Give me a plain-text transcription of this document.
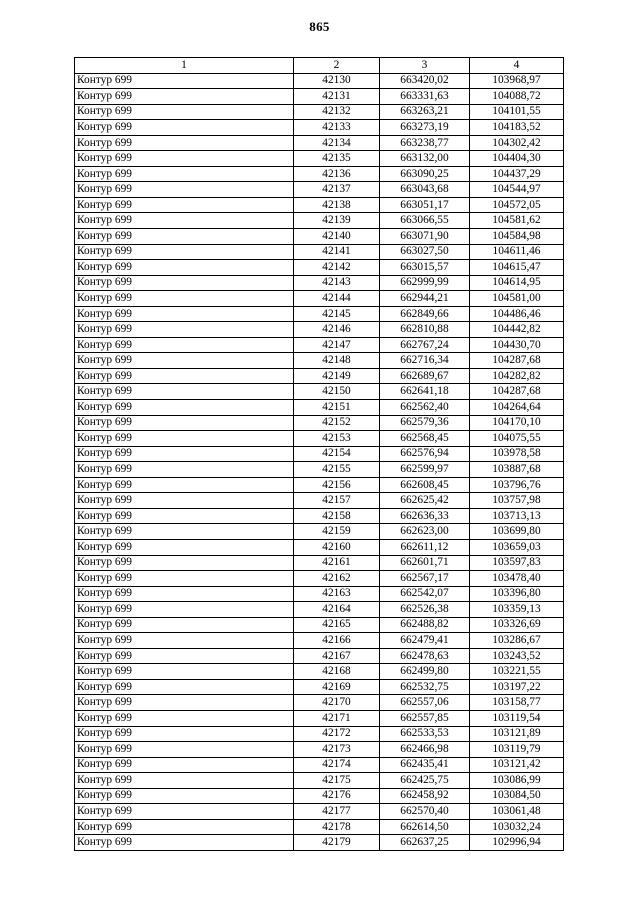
865
1	2	3	4
Контур 699	42130	663420,02	103968,97
Контур 699	42131	663331,63	104088,72
Контур 699	42132	663263,21	104101,55
Контур 699	42133	663273,19	104183,52
Контур 699	42134	663238,77	104302,42
Контур 699	42135	663132,00	104404,30
Контур 699	42136	663090,25	104437,29
Контур 699	42137	663043,68	104544,97
Контур 699	42138	663051,17	104572,05
Контур 699	42139	663066,55	104581,62
Контур 699	42140	663071,90	104584,98
Контур 699	42141	663027,50	104611,46
Контур 699	42142	663015,57	104615,47
Контур 699	42143	662999,99	104614,95
Контур 699	42144	662944,21	104581,00
Контур 699	42145	662849,66	104486,46
Контур 699	42146	662810,88	104442,82
Контур 699	42147	662767,24	104430,70
Контур 699	42148	662716,34	104287,68
Контур 699	42149	662689,67	104282,82
Контур 699	42150	662641,18	104287,68
Контур 699	42151	662562,40	104264,64
Контур 699	42152	662579,36	104170,10
Контур 699	42153	662568,45	104075,55
Контур 699	42154	662576,94	103978,58
Контур 699	42155	662599,97	103887,68
Контур 699	42156	662608,45	103796,76
Контур 699	42157	662625,42	103757,98
Контур 699	42158	662636,33	103713,13
Контур 699	42159	662623,00	103699,80
Контур 699	42160	662611,12	103659,03
Контур 699	42161	662601,71	103597,83
Контур 699	42162	662567,17	103478,40
Контур 699	42163	662542,07	103396,80
Контур 699	42164	662526,38	103359,13
Контур 699	42165	662488,82	103326,69
Контур 699	42166	662479,41	103286,67
Контур 699	42167	662478,63	103243,52
Контур 699	42168	662499,80	103221,55
Контур 699	42169	662532,75	103197,22
Контур 699	42170	662557,06	103158,77
Контур 699	42171	662557,85	103119,54
Контур 699	42172	662533,53	103121,89
Контур 699	42173	662466,98	103119,79
Контур 699	42174	662435,41	103121,42
Контур 699	42175	662425,75	103086,99
Контур 699	42176	662458,92	103084,50
Контур 699	42177	662570,40	103061,48
Контур 699	42178	662614,50	103032,24
Контур 699	42179	662637,25	102996,94
